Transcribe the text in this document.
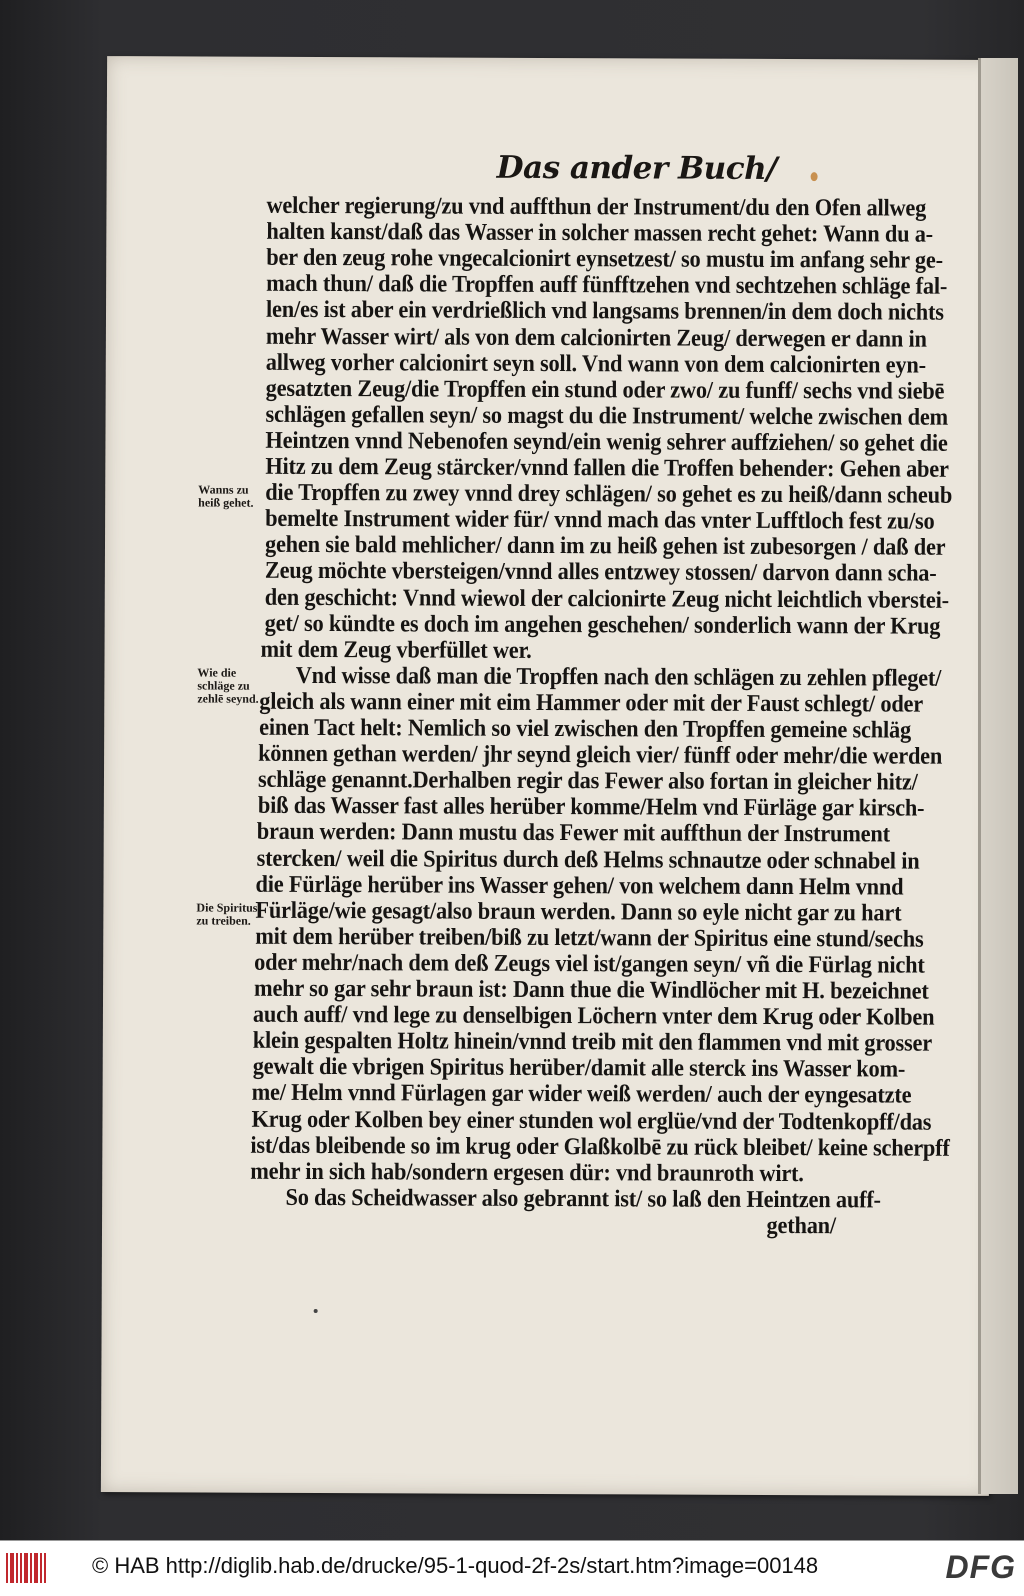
Das ander Buch/
welcher regierung/zu vnd auffthun der Instrument/du den Ofen allweg
halten kanst/daß das Wasser in solcher massen recht gehet: Wann du a-
ber den zeug rohe vngecalcionirt eynsetzest/ so mustu im anfang sehr ge-
mach thun/ daß die Tropffen auff fünfftzehen vnd sechtzehen schläge fal-
len/es ist aber ein verdrießlich vnd langsams brennen/in dem doch nichts
mehr Wasser wirt/ als von dem calcionirten Zeug/ derwegen er dann in
allweg vorher calcionirt seyn soll. Vnd wann von dem calcionirten eyn-
gesatzten Zeug/die Tropffen ein stund oder zwo/ zu funff/ sechs vnd siebē
schlägen gefallen seyn/ so magst du die Instrument/ welche zwischen dem
Heintzen vnnd Nebenofen seynd/ein wenig sehrer auffziehen/ so gehet die
Hitz zu dem Zeug stärcker/vnnd fallen die Troffen behender: Gehen aber
die Tropffen zu zwey vnnd drey schlägen/ so gehet es zu heiß/dann scheub
bemelte Instrument wider für/ vnnd mach das vnter Lufftloch fest zu/so
gehen sie bald mehlicher/ dann im zu heiß gehen ist zubesorgen / daß der
Zeug möchte vbersteigen/vnnd alles entzwey stossen/ darvon dann scha-
den geschicht: Vnnd wiewol der calcionirte Zeug nicht leichtlich vberstei-
get/ so kündte es doch im angehen geschehen/ sonderlich wann der Krug
mit dem Zeug vberfüllet wer.
Vnd wisse daß man die Tropffen nach den schlägen zu zehlen pfleget/
gleich als wann einer mit eim Hammer oder mit der Faust schlegt/ oder
einen Tact helt: Nemlich so viel zwischen den Tropffen gemeine schläg
können gethan werden/ jhr seynd gleich vier/ fünff oder mehr/die werden
schläge genannt.Derhalben regir das Fewer also fortan in gleicher hitz/
biß das Wasser fast alles herüber komme/Helm vnd Fürläge gar kirsch-
braun werden: Dann mustu das Fewer mit auffthun der Instrument
stercken/ weil die Spiritus durch deß Helms schnautze oder schnabel in
die Fürläge herüber ins Wasser gehen/ von welchem dann Helm vnnd
Fürläge/wie gesagt/also braun werden. Dann so eyle nicht gar zu hart
mit dem herüber treiben/biß zu letzt/wann der Spiritus eine stund/sechs
oder mehr/nach dem deß Zeugs viel ist/gangen seyn/ vñ die Fürlag nicht
mehr so gar sehr braun ist: Dann thue die Windlöcher mit H. bezeichnet
auch auff/ vnd lege zu denselbigen Löchern vnter dem Krug oder Kolben
klein gespalten Holtz hinein/vnnd treib mit den flammen vnd mit grosser
gewalt die vbrigen Spiritus herüber/damit alle sterck ins Wasser kom-
me/ Helm vnnd Fürlagen gar wider weiß werden/ auch der eyngesatzte
Krug oder Kolben bey einer stunden wol erglüe/vnd der Todtenkopff/das
ist/das bleibende so im krug oder Glaßkolbē zu rück bleibet/ keine scherpff
mehr in sich hab/sondern ergesen dür: vnd braunroth wirt.
So das Scheidwasser also gebrannt ist/ so laß den Heintzen auff-
gethan/
Wanns zu heiß gehet.
Wie die schläge zu zehlē seynd.
Die Spiritus zu treiben.
© HAB http://diglib.hab.de/drucke/95-1-quod-2f-2s/start.htm?image=00148	DFG
